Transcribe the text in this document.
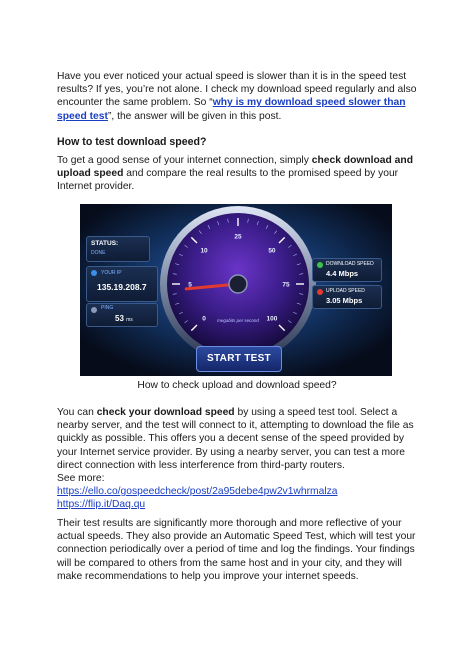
Have you ever noticed your actual speed is slower than it is in the speed test results? If yes, you’re not alone. I check my download speed regularly and also encounter the same problem. So “why is my download speed slower than speed test”, the answer will be given in this post.

How to test download speed?

To get a good sense of your internet connection, simply check download and upload speed and compare the real results to the promised speed by your Internet provider.

0
5
10
25
50
75
100
megabits per second
STATUS:
DONE
YOUR IP
135.19.208.7
PING
53 ms
DOWNLOAD SPEED
4.4 Mbps
UPLOAD SPEED
3.05 Mbps
START TEST
How to check upload and download speed?

You can check your download speed by using a speed test tool. Select a nearby server, and the test will connect to it, attempting to download the file as quickly as possible. This offers you a decent sense of the speed provided by your Internet service provider. By using a nearby server, you can test a more direct connection with less interference from third-party routers.
See more:
https://ello.co/gospeedcheck/post/2a95debe4pw2v1whrmalza
https://flip.it/Daq.qu

Their test results are significantly more thorough and more reflective of your actual speeds. They also provide an Automatic Speed Test, which will test your connection periodically over a period of time and log the findings. Your findings will be compared to others from the same host and in your city, and they will make recommendations to help you improve your internet speeds.
